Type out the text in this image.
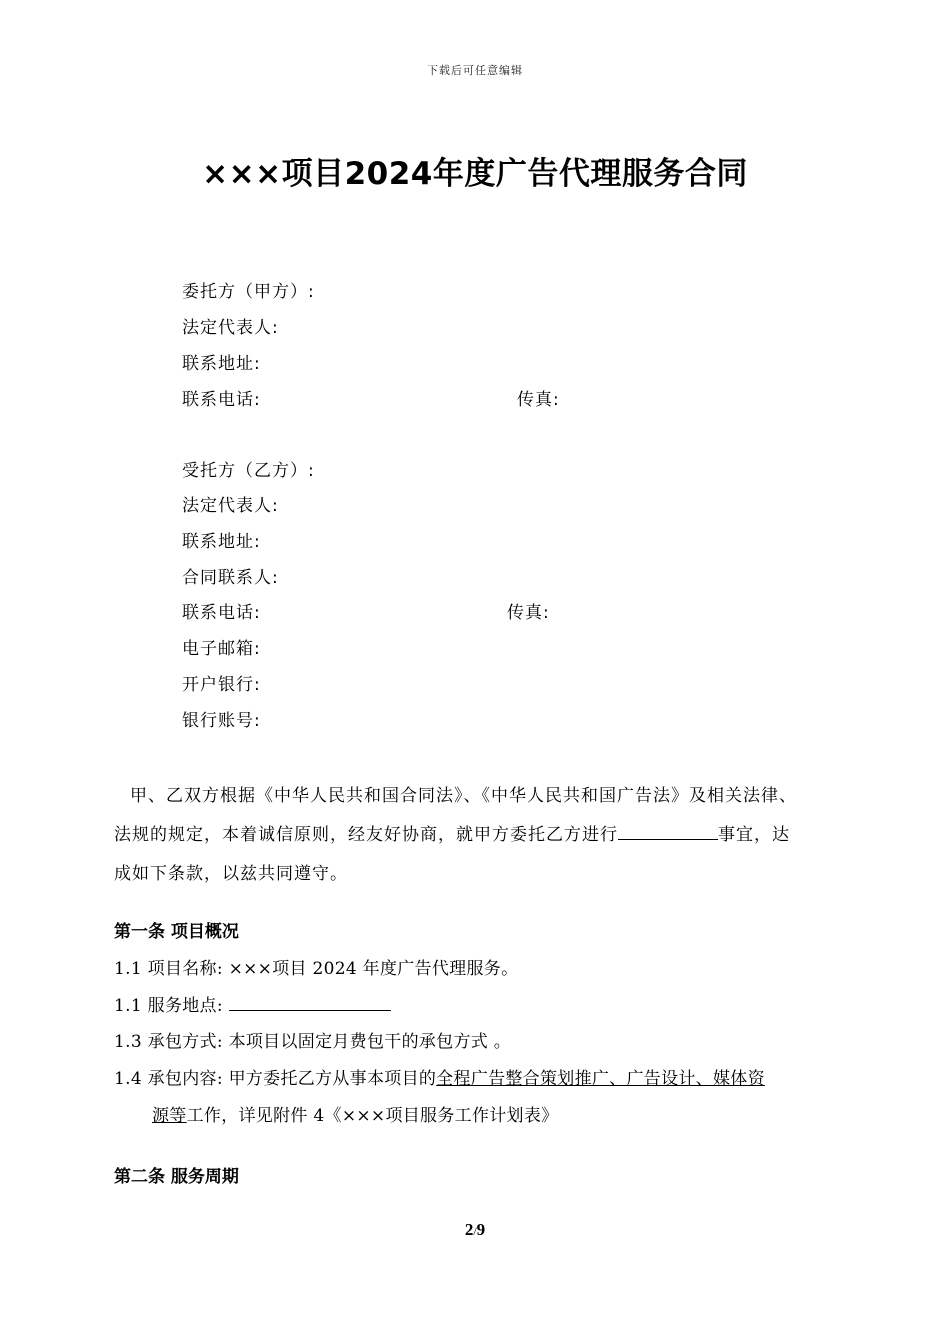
下载后可任意编辑
×××项目2024年度广告代理服务合同
委托方（甲方）:
法定代表人:
联系地址:
联系电话:	传真:
受托方（乙方）:
法定代表人:
联系地址:
合同联系人:
联系电话:	传真:
电子邮箱:
开户银行:
银行账号:
甲、乙双方根据《中华人民共和国合同法》、《中华人民共和国广告法》及相关法律、
法规的规定，本着诚信原则，经友好协商，就甲方委托乙方进行	事宜，达
成如下条款，以兹共同遵守。
第一条 项目概况
1.1 项目名称: ×××项目 2024 年度广告代理服务。
1.1 服务地点:
1.3 承包方式: 本项目以固定月费包干的承包方式 。
1.4 承包内容: 甲方委托乙方从事本项目的全程广告整合策划推广、广告设计、媒体资
源等工作，详见附件 4《×××项目服务工作计划表》
第二条 服务周期
2/9
